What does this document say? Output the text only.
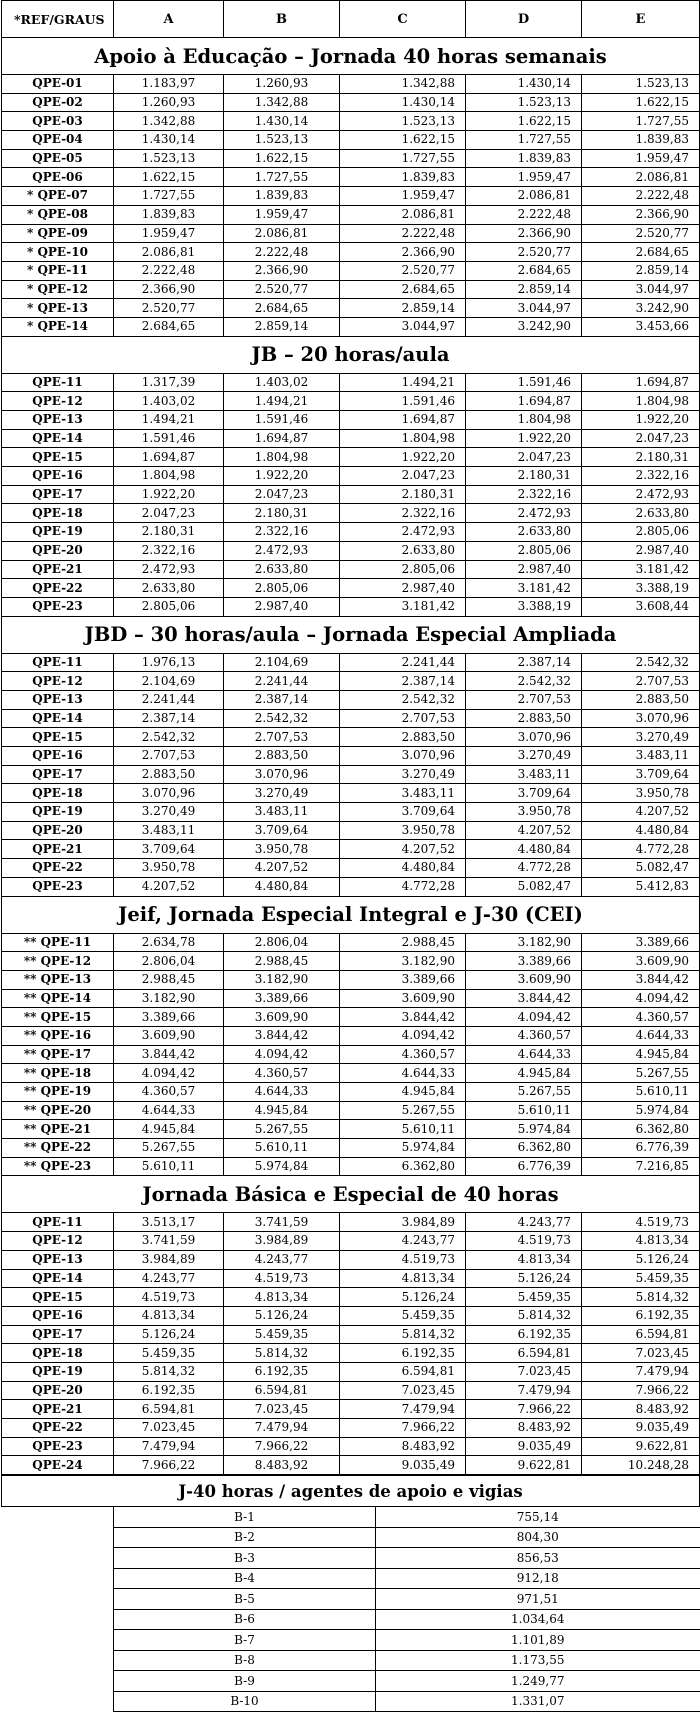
*REF/GRAUS	A	B	C	D	E
Apoio à Educação – Jornada 40 horas semanais					
QPE-01	1.183,97	1.260,93	1.342,88	1.430,14	1.523,13
QPE-02	1.260,93	1.342,88	1.430,14	1.523,13	1.622,15
QPE-03	1.342,88	1.430,14	1.523,13	1.622,15	1.727,55
QPE-04	1.430,14	1.523,13	1.622,15	1.727,55	1.839,83
QPE-05	1.523,13	1.622,15	1.727,55	1.839,83	1.959,47
QPE-06	1.622,15	1.727,55	1.839,83	1.959,47	2.086,81
* QPE-07	1.727,55	1.839,83	1.959,47	2.086,81	2.222,48
* QPE-08	1.839,83	1.959,47	2.086,81	2.222,48	2.366,90
* QPE-09	1.959,47	2.086,81	2.222,48	2.366,90	2.520,77
* QPE-10	2.086,81	2.222,48	2.366,90	2.520,77	2.684,65
* QPE-11	2.222,48	2.366,90	2.520,77	2.684,65	2.859,14
* QPE-12	2.366,90	2.520,77	2.684,65	2.859,14	3.044,97
* QPE-13	2.520,77	2.684,65	2.859,14	3.044,97	3.242,90
* QPE-14	2.684,65	2.859,14	3.044,97	3.242,90	3.453,66
JB – 20 horas/aula					
QPE-11	1.317,39	1.403,02	1.494,21	1.591,46	1.694,87
QPE-12	1.403,02	1.494,21	1.591,46	1.694,87	1.804,98
QPE-13	1.494,21	1.591,46	1.694,87	1.804,98	1.922,20
QPE-14	1.591,46	1.694,87	1.804,98	1.922,20	2.047,23
QPE-15	1.694,87	1.804,98	1.922,20	2.047,23	2.180,31
QPE-16	1.804,98	1.922,20	2.047,23	2.180,31	2.322,16
QPE-17	1.922,20	2.047,23	2.180,31	2.322,16	2.472,93
QPE-18	2.047,23	2.180,31	2.322,16	2.472,93	2.633,80
QPE-19	2.180,31	2.322,16	2.472,93	2.633,80	2.805,06
QPE-20	2.322,16	2.472,93	2.633,80	2.805,06	2.987,40
QPE-21	2.472,93	2.633,80	2.805,06	2.987,40	3.181,42
QPE-22	2.633,80	2.805,06	2.987,40	3.181,42	3.388,19
QPE-23	2.805,06	2.987,40	3.181,42	3.388,19	3.608,44
JBD – 30 horas/aula – Jornada Especial Ampliada					
QPE-11	1.976,13	2.104,69	2.241,44	2.387,14	2.542,32
QPE-12	2.104,69	2.241,44	2.387,14	2.542,32	2.707,53
QPE-13	2.241,44	2.387,14	2.542,32	2.707,53	2.883,50
QPE-14	2.387,14	2.542,32	2.707,53	2.883,50	3.070,96
QPE-15	2.542,32	2.707,53	2.883,50	3.070,96	3.270,49
QPE-16	2.707,53	2.883,50	3.070,96	3.270,49	3.483,11
QPE-17	2.883,50	3.070,96	3.270,49	3.483,11	3.709,64
QPE-18	3.070,96	3.270,49	3.483,11	3.709,64	3.950,78
QPE-19	3.270,49	3.483,11	3.709,64	3.950,78	4.207,52
QPE-20	3.483,11	3.709,64	3.950,78	4.207,52	4.480,84
QPE-21	3.709,64	3.950,78	4.207,52	4.480,84	4.772,28
QPE-22	3.950,78	4.207,52	4.480,84	4.772,28	5.082,47
QPE-23	4.207,52	4.480,84	4.772,28	5.082,47	5.412,83
Jeif, Jornada Especial Integral e J-30 (CEI)					
** QPE-11	2.634,78	2.806,04	2.988,45	3.182,90	3.389,66
** QPE-12	2.806,04	2.988,45	3.182,90	3.389,66	3.609,90
** QPE-13	2.988,45	3.182,90	3.389,66	3.609,90	3.844,42
** QPE-14	3.182,90	3.389,66	3.609,90	3.844,42	4.094,42
** QPE-15	3.389,66	3.609,90	3.844,42	4.094,42	4.360,57
** QPE-16	3.609,90	3.844,42	4.094,42	4.360,57	4.644,33
** QPE-17	3.844,42	4.094,42	4.360,57	4.644,33	4.945,84
** QPE-18	4.094,42	4.360,57	4.644,33	4.945,84	5.267,55
** QPE-19	4.360,57	4.644,33	4.945,84	5.267,55	5.610,11
** QPE-20	4.644,33	4.945,84	5.267,55	5.610,11	5.974,84
** QPE-21	4.945,84	5.267,55	5.610,11	5.974,84	6.362,80
** QPE-22	5.267,55	5.610,11	5.974,84	6.362,80	6.776,39
** QPE-23	5.610,11	5.974,84	6.362,80	6.776,39	7.216,85
Jornada Básica e Especial de 40 horas					
QPE-11	3.513,17	3.741,59	3.984,89	4.243,77	4.519,73
QPE-12	3.741,59	3.984,89	4.243,77	4.519,73	4.813,34
QPE-13	3.984,89	4.243,77	4.519,73	4.813,34	5.126,24
QPE-14	4.243,77	4.519,73	4.813,34	5.126,24	5.459,35
QPE-15	4.519,73	4.813,34	5.126,24	5.459,35	5.814,32
QPE-16	4.813,34	5.126,24	5.459,35	5.814,32	6.192,35
QPE-17	5.126,24	5.459,35	5.814,32	6.192,35	6.594,81
QPE-18	5.459,35	5.814,32	6.192,35	6.594,81	7.023,45
QPE-19	5.814,32	6.192,35	6.594,81	7.023,45	7.479,94
QPE-20	6.192,35	6.594,81	7.023,45	7.479,94	7.966,22
QPE-21	6.594,81	7.023,45	7.479,94	7.966,22	8.483,92
QPE-22	7.023,45	7.479,94	7.966,22	8.483,92	9.035,49
QPE-23	7.479,94	7.966,22	8.483,92	9.035,49	9.622,81
QPE-24	7.966,22	8.483,92	9.035,49	9.622,81	10.248,28
J-40 horas / agentes de apoio e vigias		
	B-1	755,14
	B-2	804,30
	B-3	856,53
	B-4	912,18
	B-5	971,51
	B-6	1.034,64
	B-7	1.101,89
	B-8	1.173,55
	B-9	1.249,77
	B-10	1.331,07
